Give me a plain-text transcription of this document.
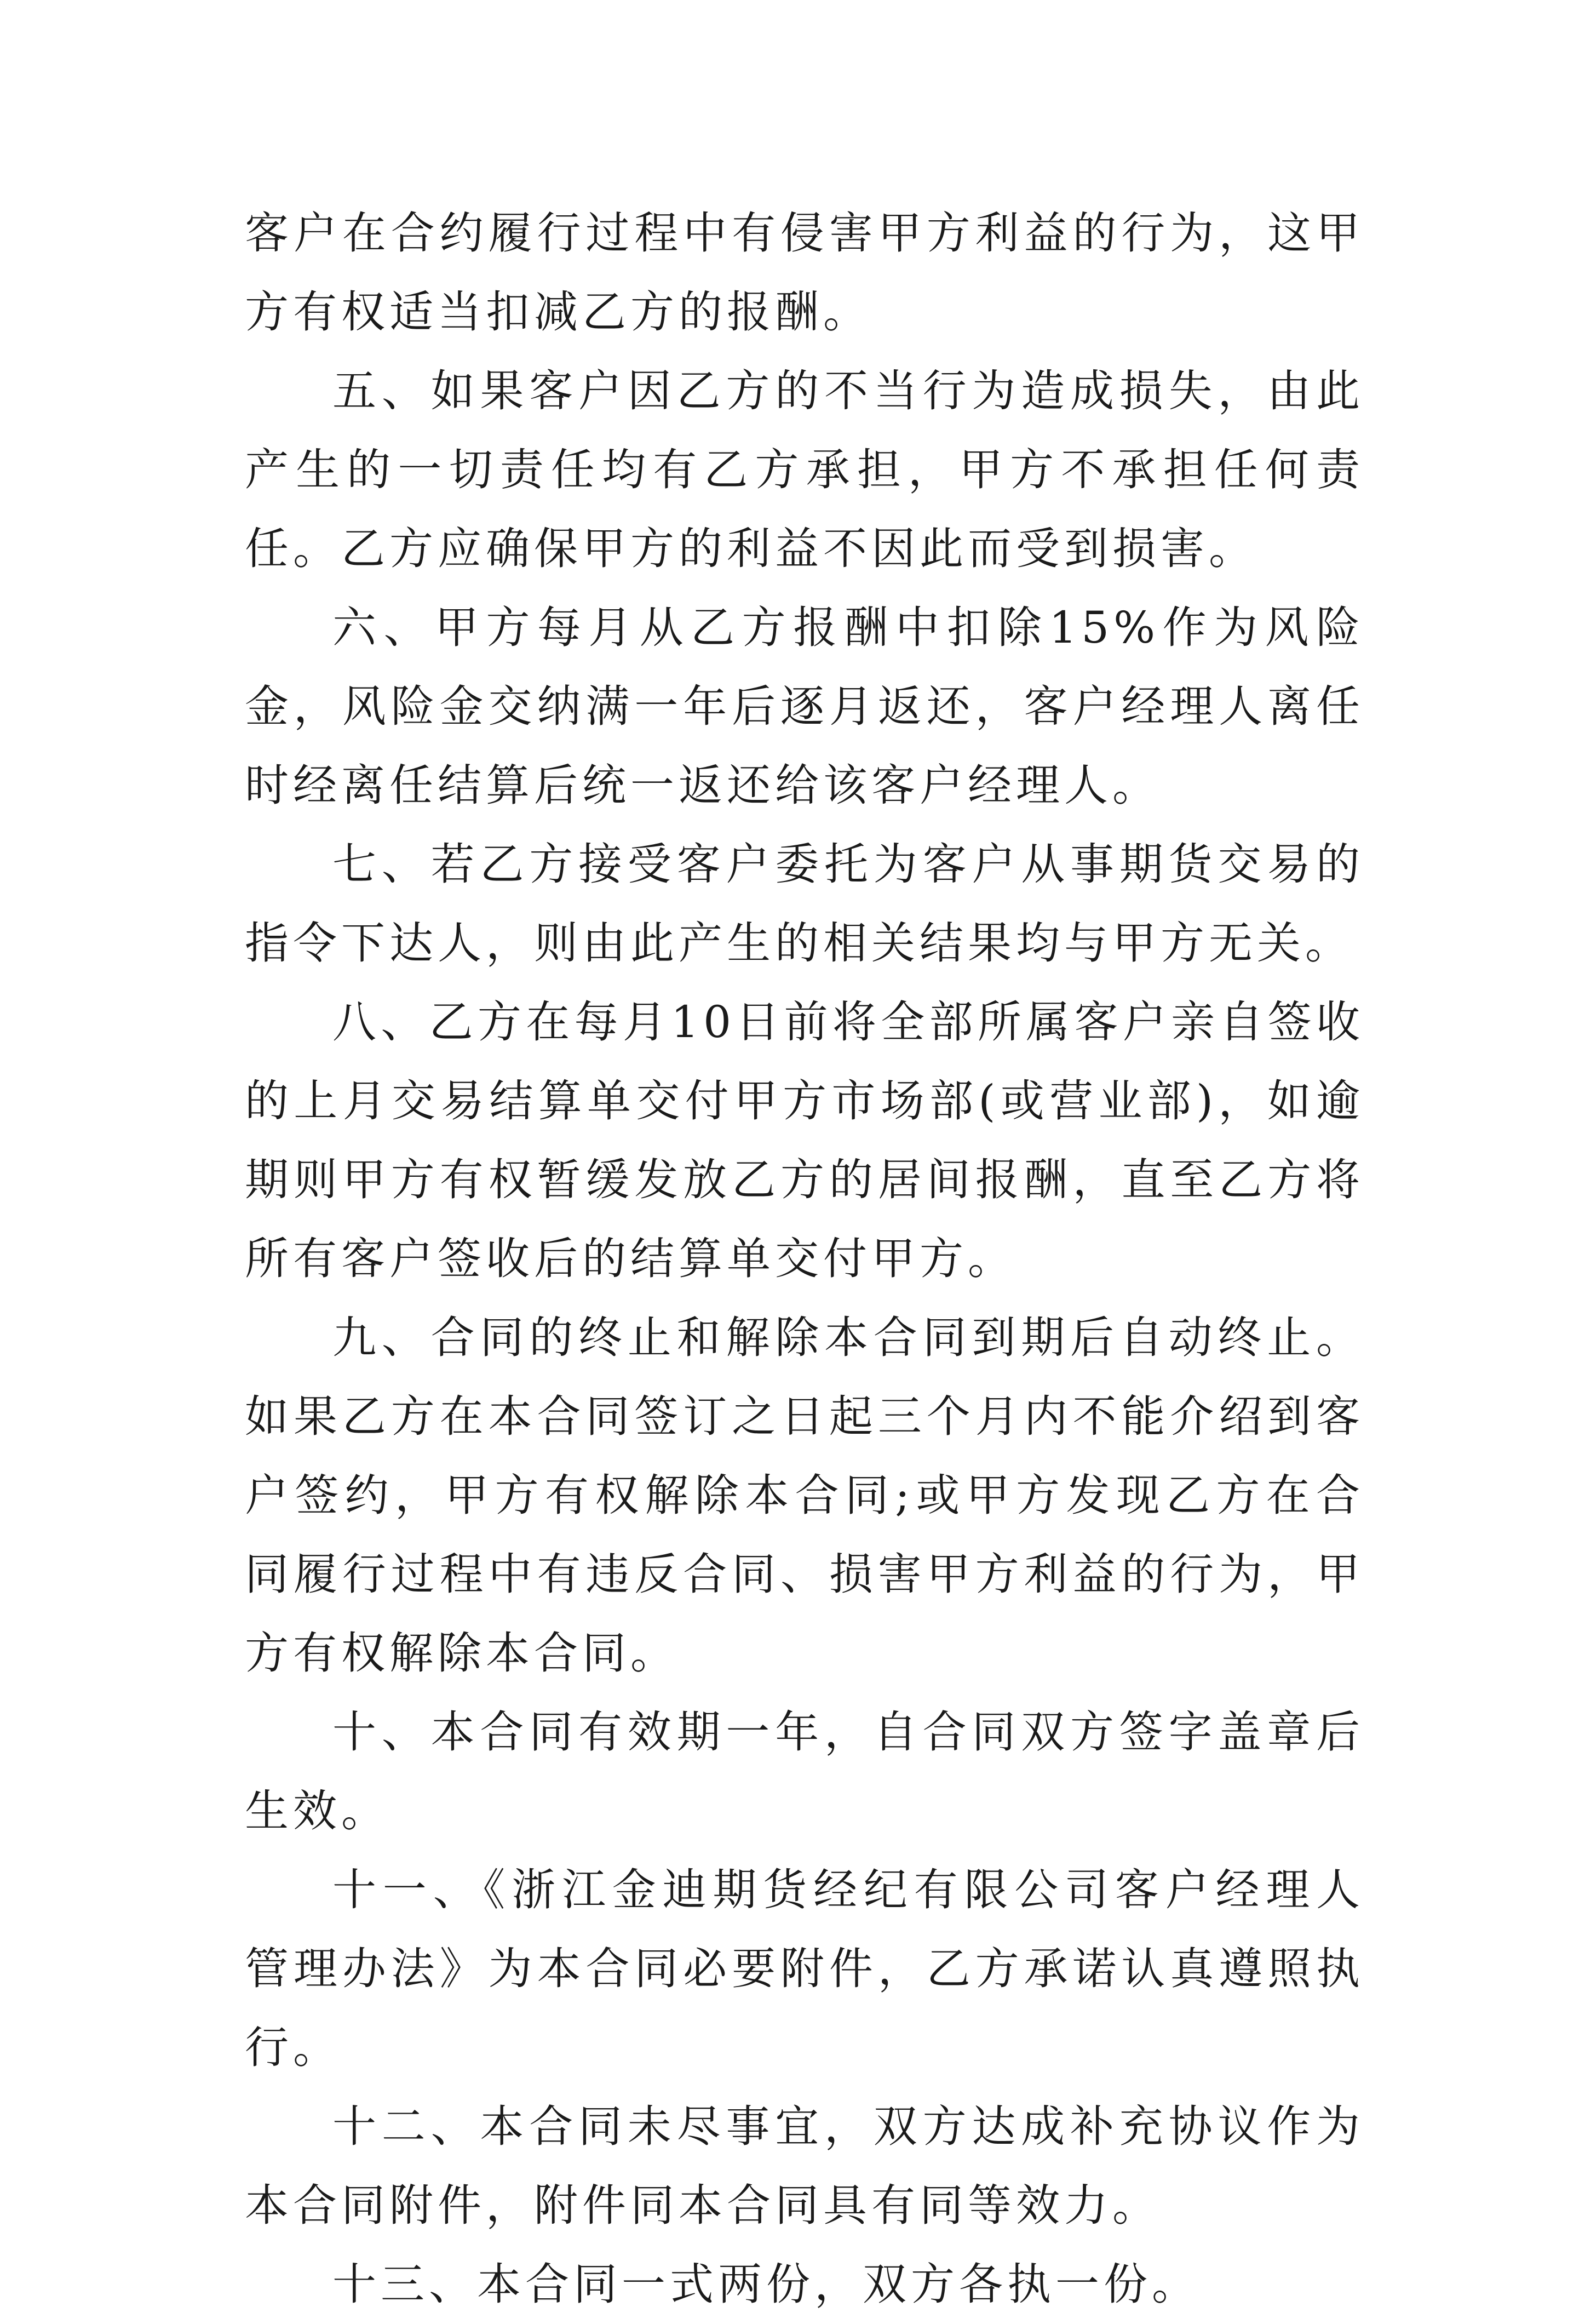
客户在合约履行过程中有侵害甲方利益的行为，这甲方有权适当扣减乙方的报酬。

五、如果客户因乙方的不当行为造成损失，由此产生的一切责任均有乙方承担，甲方不承担任何责任。乙方应确保甲方的利益不因此而受到损害。

六、甲方每月从乙方报酬中扣除15%作为风险金，风险金交纳满一年后逐月返还，客户经理人离任时经离任结算后统一返还给该客户经理人。

七、若乙方接受客户委托为客户从事期货交易的指令下达人，则由此产生的相关结果均与甲方无关。

八、乙方在每月10日前将全部所属客户亲自签收的上月交易结算单交付甲方市场部(或营业部)，如逾期则甲方有权暂缓发放乙方的居间报酬，直至乙方将所有客户签收后的结算单交付甲方。

九、合同的终止和解除本合同到期后自动终止。如果乙方在本合同签订之日起三个月内不能介绍到客户签约，甲方有权解除本合同;或甲方发现乙方在合同履行过程中有违反合同、损害甲方利益的行为，甲方有权解除本合同。

十、本合同有效期一年，自合同双方签字盖章后生效。

十一、《浙江金迪期货经纪有限公司客户经理人管理办法》为本合同必要附件，乙方承诺认真遵照执行。

十二、本合同未尽事宜，双方达成补充协议作为本合同附件，附件同本合同具有同等效力。

十三、本合同一式两份，双方各执一份。
